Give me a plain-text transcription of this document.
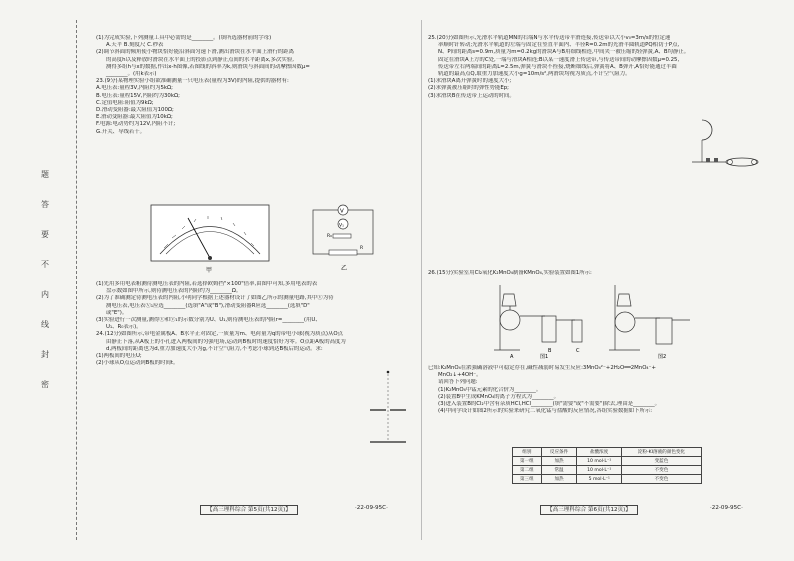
题
答
要
不
内
线
封
密

(1)为完成实验,下列测量工具中必需的是________。(填所选器材前的字母)

A.天平 B.刻度尺 C.秒表

(2)调节斜面的倾角使小物块恰好能沿斜面匀速下滑,测出滑块在水平面上滑行的距离

的高度h以及释放时滑块在水平面上的投影点到静止点间的水平距离x,多次实验,

测得多组h与x的数据,作出x-h图像,若图线的斜率为k,则滑块与斜面间的动摩擦因数μ=

________。(用k表示)

23.(9分)某物理实验小组欲准确测量一只电压表(量程为3V)的内阻,提供的器材有:

A.电压表:量程3V,内阻约为5kΩ;

B.电压表:量程15V,内阻约为30kΩ;

C.定值电阻:阻值为9kΩ;

D.滑动变阻器:最大阻值为100Ω;

E.滑动变阻器:最大阻值为10kΩ;

F.电源:电动势约为12V,内阻不计;

G.开关、导线若干。

甲
V
V₁
R₀
R
乙

(1)先用多用电表粗测待测电压表的内阻,若选择欧姆挡"×100"倍率,由图甲可知,多用电表的表

盘示数如图甲所示,则待测电压表的内阻约为________Ω。

(2)为了准确测定待测电压表的内阻,小明同学根据上述器材设计了如图乙所示的测量电路,其中Ⓥ为待

测电压表,电压表Ⓥ₁应选________(选填"A"或"B"),滑动变阻器R应选________(选填"D"

或"E")。

(3)实验进行一次测量,测得Ⓥ和Ⓥ₁的示数分别为U、U₁,则待测电压表的内阻r=________(用U、

U₁、R₀表示)。

24.(12分)如图所示,带电金属板A、B水平正对固定,一质量为m、电荷量为q的带电小球(视为质点)从O点

由静止下落,从A板上的小孔进入两板间的匀强电场,运动到B板时的速度恰好为零。O点距A板的高度为

d,两板间的距离也为d,重力加速度大小为g,不计空气阻力,不考虑小球到达B板后的运动。求:

(1)两板间的电压U;

(2)小球从O点运动到B板的时间t。

【高三理科综合 第5页(共12页)】	·22-09-95C·

25.(20分)如图所示,光滑水平轨道MN的右端N与水平传送带平滑连接,传送带以大小v₀=3m/s的恒定速

率顺时针转动;光滑水平轨道的左端与固定在竖直平面内、半径R=0.2m的光滑半圆轨道PQ相切于P点,

N、P间的距离s=0.9m,质量为m=0.2kg的滑块A与B用细线相连,中间夹一被压缩的轻弹簧,A、B均静止。

固定在滑块A上方的C处,一端与滑块A相连;B以某一速度滑上传送带,与传送带间的动摩擦因数μ=0.25,

传送带左右两端间的距离L=2.5m,弹簧与滑块不拴接,烧断细线后,弹簧将A、B弹开,A恰好能通过半圆

轨道的最高点Q,取重力加速度大小g=10m/s²,两滑块均视为质点,不计空气阻力。

(1)求滑块A离开弹簧时的速度大小;

(2)求弹簧被压缩时的弹性势能Ep;

(3)求滑块B在传送带上运动的时间。

26.(15分)实验室用Cl₂氧化K₂MnO₄制备KMnO₄,实验装置如图1所示:

A
B	C
图1	图2

已知:K₂MnO₄在浓强碱溶液中可稳定存在,碱性减弱时易发生反应:3MnO₄²⁻+2H₂O══2MnO₄⁻+

MnO₂↓+4OH⁻。

请回答下列问题:

(1)K₂MnO₄中锰元素的化合价为________。

(2)装置B中生成KMnO₄的离子方程式为________。

(3)进入装置B的Cl₂中含有杂质HCl,HCl________(填"需要"或"不需要")除去,理由是________。

(4)甲同学设计如图2所示的实验来研究二氧化锰与盐酸的反应情况,各组实验数据如下所示:

组别	反应条件	盐酸浓度	淀粉-KI溶液的颜色变化
第一组	加热	10 mol·L⁻¹	变蓝色
第二组	常温	10 mol·L⁻¹	不变色
第三组	加热	5 mol·L⁻¹	不变色
【高三理科综合 第6页(共12页)】	·22-09-95C·
